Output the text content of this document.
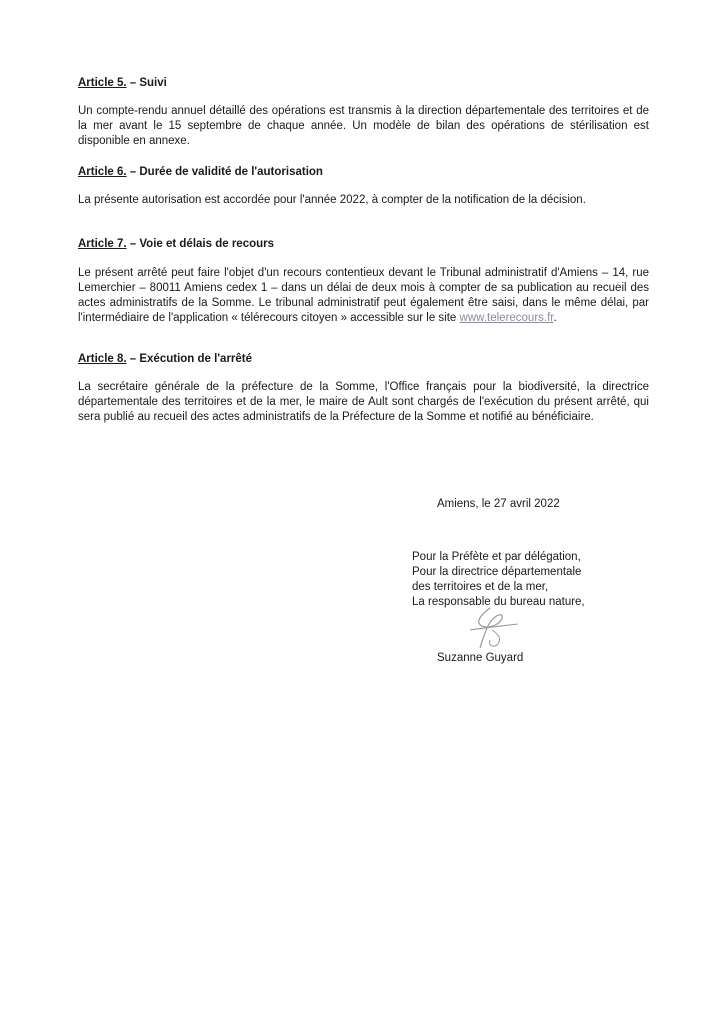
Article 5. – Suivi

Un compte-rendu annuel détaillé des opérations est transmis à la direction départementale des territoires et de la mer avant le 15 septembre de chaque année. Un modèle de bilan des opérations de stérilisation est disponible en annexe.

Article 6. – Durée de validité de l'autorisation

La présente autorisation est accordée pour l'année 2022, à compter de la notification de la décision.

Article 7. – Voie et délais de recours

Le présent arrêté peut faire l'objet d'un recours contentieux devant le Tribunal administratif d'Amiens – 14, rue Lemerchier – 80011 Amiens cedex 1 – dans un délai de deux mois à compter de sa publication au recueil des actes administratifs de la Somme. Le tribunal administratif peut également être saisi, dans le même délai, par l'intermédiaire de l'application « télérecours citoyen » accessible sur le site www.telerecours.fr.

Article 8. – Exécution de l'arrêté

La secrétaire générale de la préfecture de la Somme, l'Office français pour la biodiversité, la directrice départementale des territoires et de la mer, le maire de Ault sont chargés de l'exécution du présent arrêté, qui sera publié au recueil des actes administratifs de la Préfecture de la Somme et notifié au bénéficiaire.

Amiens, le 27 avril 2022
Pour la Préfète et par délégation,
Pour la directrice départementale
des territoires et de la mer,
La responsable du bureau nature,
Suzanne Guyard
